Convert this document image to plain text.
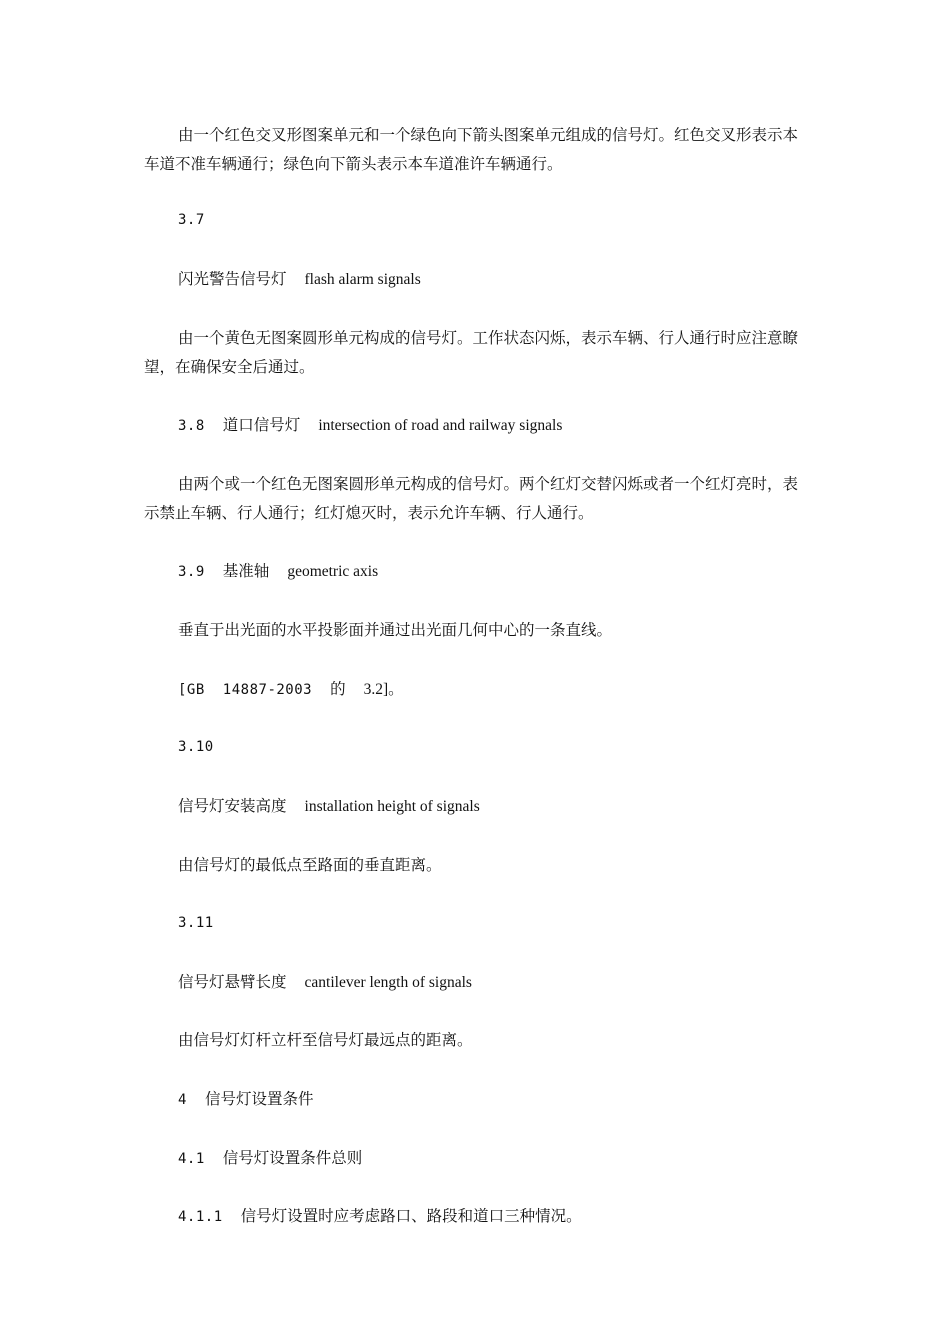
由一个红色交叉形图案单元和一个绿色向下箭头图案单元组成的信号灯。红色交叉形表示本车道不准车辆通行；绿色向下箭头表示本车道准许车辆通行。

3.7

闪光警告信号灯 flash alarm signals

由一个黄色无图案圆形单元构成的信号灯。工作状态闪烁，表示车辆、行人通行时应注意瞭望，在确保安全后通过。

3.8 道口信号灯 intersection of road and railway signals

由两个或一个红色无图案圆形单元构成的信号灯。两个红灯交替闪烁或者一个红灯亮时，表示禁止车辆、行人通行；红灯熄灭时，表示允许车辆、行人通行。

3.9 基准轴 geometric axis

垂直于出光面的水平投影面并通过出光面几何中心的一条直线。

[GB 14887-2003 的 3.2]。

3.10

信号灯安装高度 installation height of signals

由信号灯的最低点至路面的垂直距离。

3.11

信号灯悬臂长度 cantilever length of signals

由信号灯灯杆立杆至信号灯最远点的距离。

4 信号灯设置条件

4.1 信号灯设置条件总则

4.1.1 信号灯设置时应考虑路口、路段和道口三种情况。
